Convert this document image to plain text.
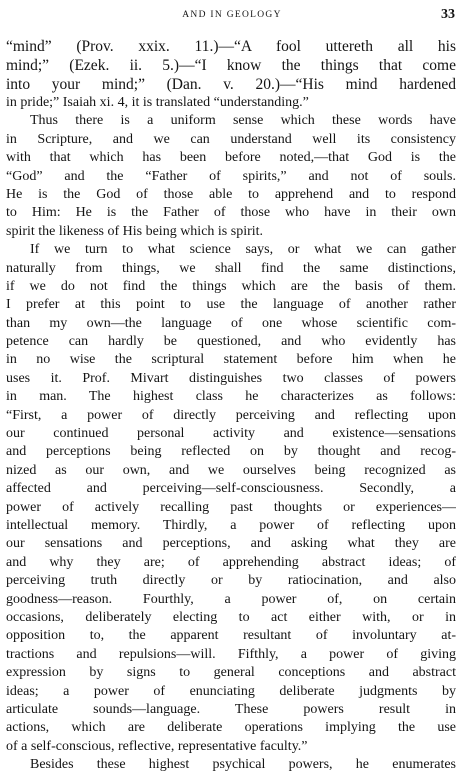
AND IN GEOLOGY	33
“mind” (Prov. xxix. 11.)—“A fool uttereth all his
mind;” (Ezek. ii. 5.)—“I know the things that come
into your mind;” (Dan. v. 20.)—“His mind hardened
in pride;” Isaiah xi. 4, it is translated “understanding.”
Thus there is a uniform sense which these words have
in Scripture, and we can understand well its consistency
with that which has been before noted,—that God is the
“God” and the “Father of spirits,” and not of souls.
He is the God of those able to apprehend and to respond
to Him: He is the Father of those who have in their own
spirit the likeness of His being which is spirit.
If we turn to what science says, or what we can gather
naturally from things, we shall find the same distinctions,
if we do not find the things which are the basis of them.
I prefer at this point to use the language of another rather
than my own—the language of one whose scientific com-
petence can hardly be questioned, and who evidently has
in no wise the scriptural statement before him when he
uses it. Prof. Mivart distinguishes two classes of powers
in man. The highest class he characterizes as follows:
“First, a power of directly perceiving and reflecting upon
our continued personal activity and existence—sensations
and perceptions being reflected on by thought and recog-
nized as our own, and we ourselves being recognized as
affected and perceiving—self-consciousness. Secondly, a
power of actively recalling past thoughts or experiences—
intellectual memory. Thirdly, a power of reflecting upon
our sensations and perceptions, and asking what they are
and why they are; of apprehending abstract ideas; of
perceiving truth directly or by ratiocination, and also
goodness—reason. Fourthly, a power of, on certain
occasions, deliberately electing to act either with, or in
opposition to, the apparent resultant of involuntary at-
tractions and repulsions—will. Fifthly, a power of giving
expression by signs to general conceptions and abstract
ideas; a power of enunciating deliberate judgments by
articulate sounds—language. These powers result in
actions, which are deliberate operations implying the use
of a self-conscious, reflective, representative faculty.”
Besides these highest psychical powers, he enumerates
